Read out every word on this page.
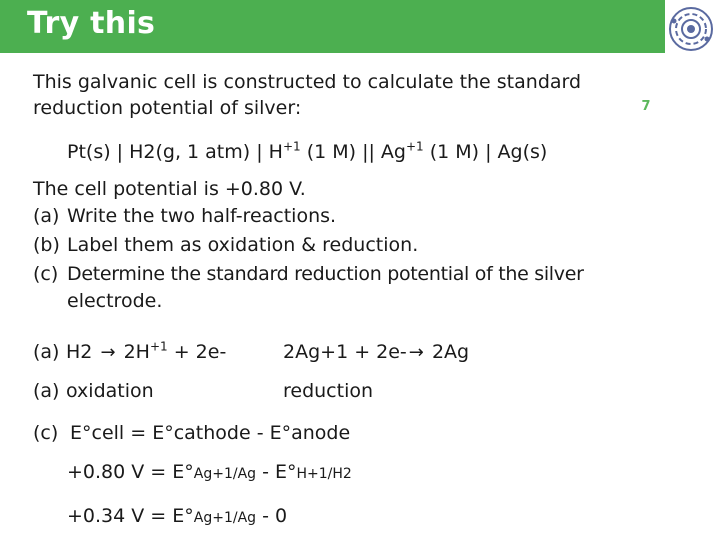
Try this
7
This galvanic cell is constructed to calculate the standard
reduction potential of silver:
Pt(s) | H2(g, 1 atm) | $H^{+1}$ (1 M) || $Ag^{+1}$ (1 M) | Ag(s)
The cell potential is +0.80 V.
(a) Write the two half-reactions.
(b) Label them as oxidation & reduction.
(c) Determine the standard reduction potential of the silver
electrode.
(a) $H2 \to 2H^{+1} + 2e-$	2Ag+1 + 2e- → 2Ag
(a) oxidation	reduction
(c) E°cell = E°cathode - E°anode
+0.80 V = E°Ag+1/Ag - E°H+1/H2
+0.34 V = E°Ag+1/Ag - 0
